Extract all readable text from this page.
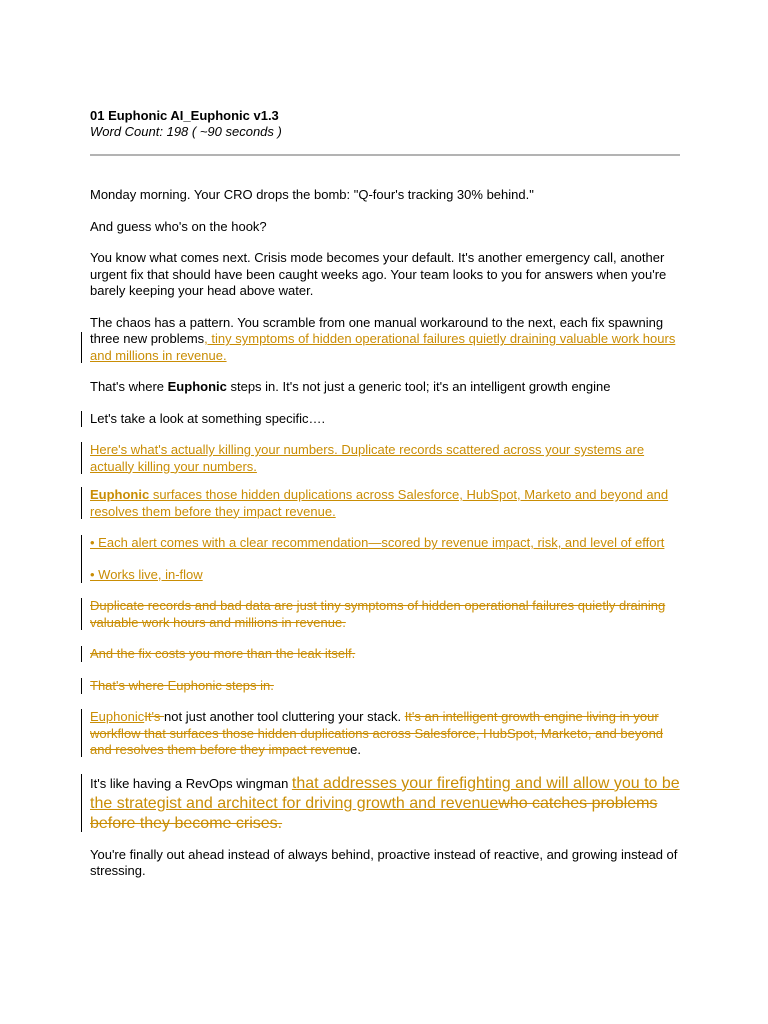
01 Euphonic AI_Euphonic v1.3

Word Count: 198 ( ~90 seconds )

Monday morning. Your CRO drops the bomb: "Q-four's tracking 30% behind."

And guess who's on the hook?

You know what comes next. Crisis mode becomes your default. It's another emergency call, another urgent fix that should have been caught weeks ago. Your team looks to you for answers when you're barely keeping your head above water.

The chaos has a pattern. You scramble from one manual workaround to the next, each fix spawning three new problems, tiny symptoms of hidden operational failures quietly draining valuable work hours and millions in revenue.

That's where Euphonic steps in. It's not just a generic tool; it's an intelligent growth engine

Let's take a look at something specific….

Here's what's actually killing your numbers. Duplicate records scattered across your systems are actually killing your numbers.

Euphonic surfaces those hidden duplications across Salesforce, HubSpot, Marketo and beyond and resolves them before they impact revenue.

• Each alert comes with a clear recommendation—scored by revenue impact, risk, and level of effort

• Works live, in-flow

Duplicate records and bad data are just tiny symptoms of hidden operational failures quietly draining valuable work hours and millions in revenue.

And the fix costs you more than the leak itself.

That's where Euphonic steps in.

EuphonicIt's not just another tool cluttering your stack. It's an intelligent growth engine living in your workflow that surfaces those hidden duplications across Salesforce, HubSpot, Marketo, and beyond and resolves them before they impact revenue.

It's like having a RevOps wingman that addresses your firefighting and will allow you to be the strategist and architect for driving growth and revenuewho catches problems before they become crises.

You're finally out ahead instead of always behind, proactive instead of reactive, and growing instead of stressing.
